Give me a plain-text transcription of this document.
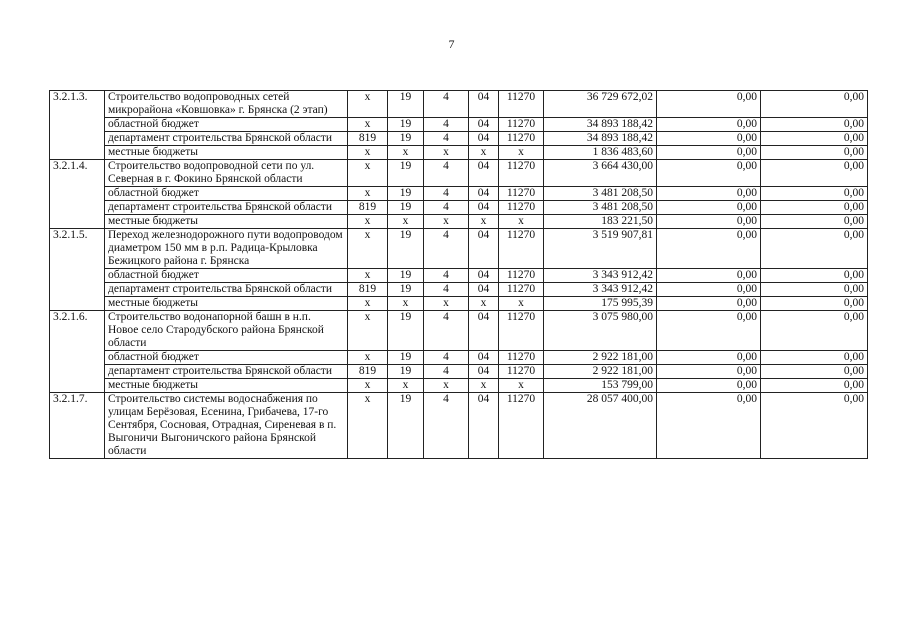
7
3.2.1.3.	Строительство водопроводных сетей микрорайона «Ковшовка» г. Брянска (2 этап)	х	19	4	04	11270	36 729 672,02	0,00	0,00
	областной бюджет	х	19	4	04	11270	34 893 188,42	0,00	0,00
	департамент строительства Брянской области	819	19	4	04	11270	34 893 188,42	0,00	0,00
	местные бюджеты	х	х	х	х	х	1 836 483,60	0,00	0,00
3.2.1.4.	Строительство водопроводной сети по ул. Северная в г. Фокино Брянской области	х	19	4	04	11270	3 664 430,00	0,00	0,00
	областной бюджет	х	19	4	04	11270	3 481 208,50	0,00	0,00
	департамент строительства Брянской области	819	19	4	04	11270	3 481 208,50	0,00	0,00
	местные бюджеты	х	х	х	х	х	183 221,50	0,00	0,00
3.2.1.5.	Переход железнодорожного пути водопроводом диаметром 150 мм в р.п. Радица-Крыловка Бежицкого района г. Брянска	х	19	4	04	11270	3 519 907,81	0,00	0,00
	областной бюджет	х	19	4	04	11270	3 343 912,42	0,00	0,00
	департамент строительства Брянской области	819	19	4	04	11270	3 343 912,42	0,00	0,00
	местные бюджеты	х	х	х	х	х	175 995,39	0,00	0,00
3.2.1.6.	Строительство водонапорной башн в н.п. Новое село Стародубского района Брянской области	х	19	4	04	11270	3 075 980,00	0,00	0,00
	областной бюджет	х	19	4	04	11270	2 922 181,00	0,00	0,00
	департамент строительства Брянской области	819	19	4	04	11270	2 922 181,00	0,00	0,00
	местные бюджеты	х	х	х	х	х	153 799,00	0,00	0,00
3.2.1.7.	Строительство системы водоснабжения по улицам Берёзовая, Есенина, Грибачева, 17-го Сентября, Сосновая, Отрадная, Сиреневая в п. Выгоничи Выгоничского района Брянской области	х	19	4	04	11270	28 057 400,00	0,00	0,00
